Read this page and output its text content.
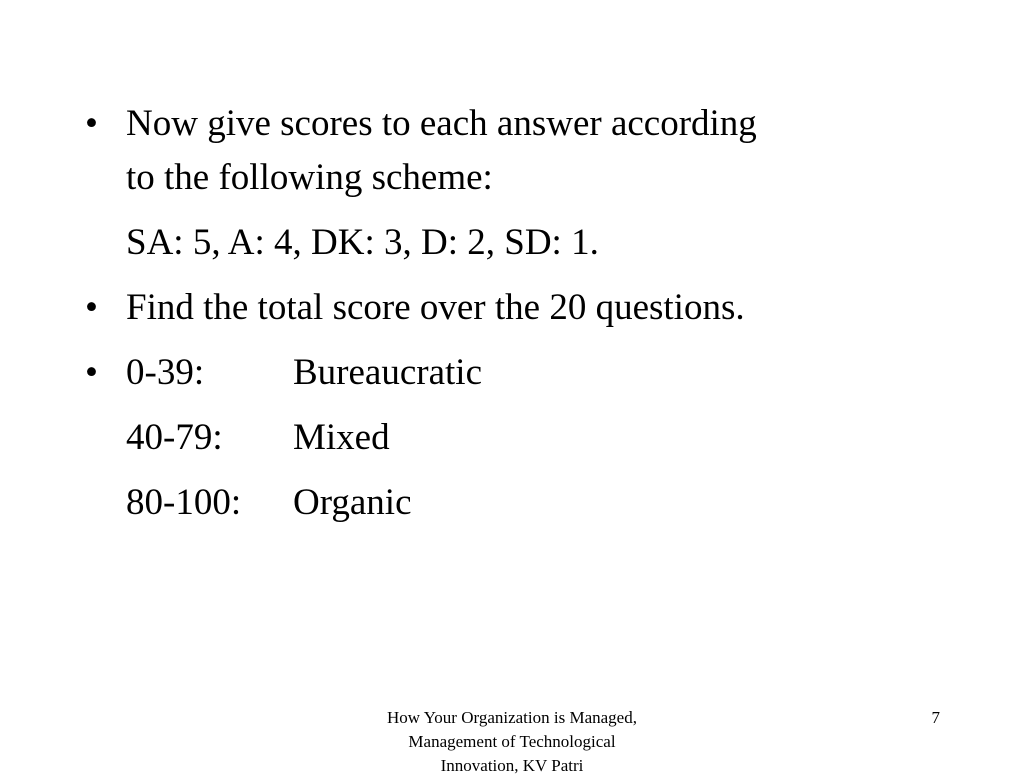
• Now give scores to each answer according
to the following scheme:
SA: 5, A: 4, DK: 3, D: 2, SD: 1.
• Find the total score over the 20 questions.
• 0-39: Bureaucratic
40-79: Mixed
80-100: Organic
How Your Organization is Managed,
Management of Technological
Innovation, KV Patri
7
